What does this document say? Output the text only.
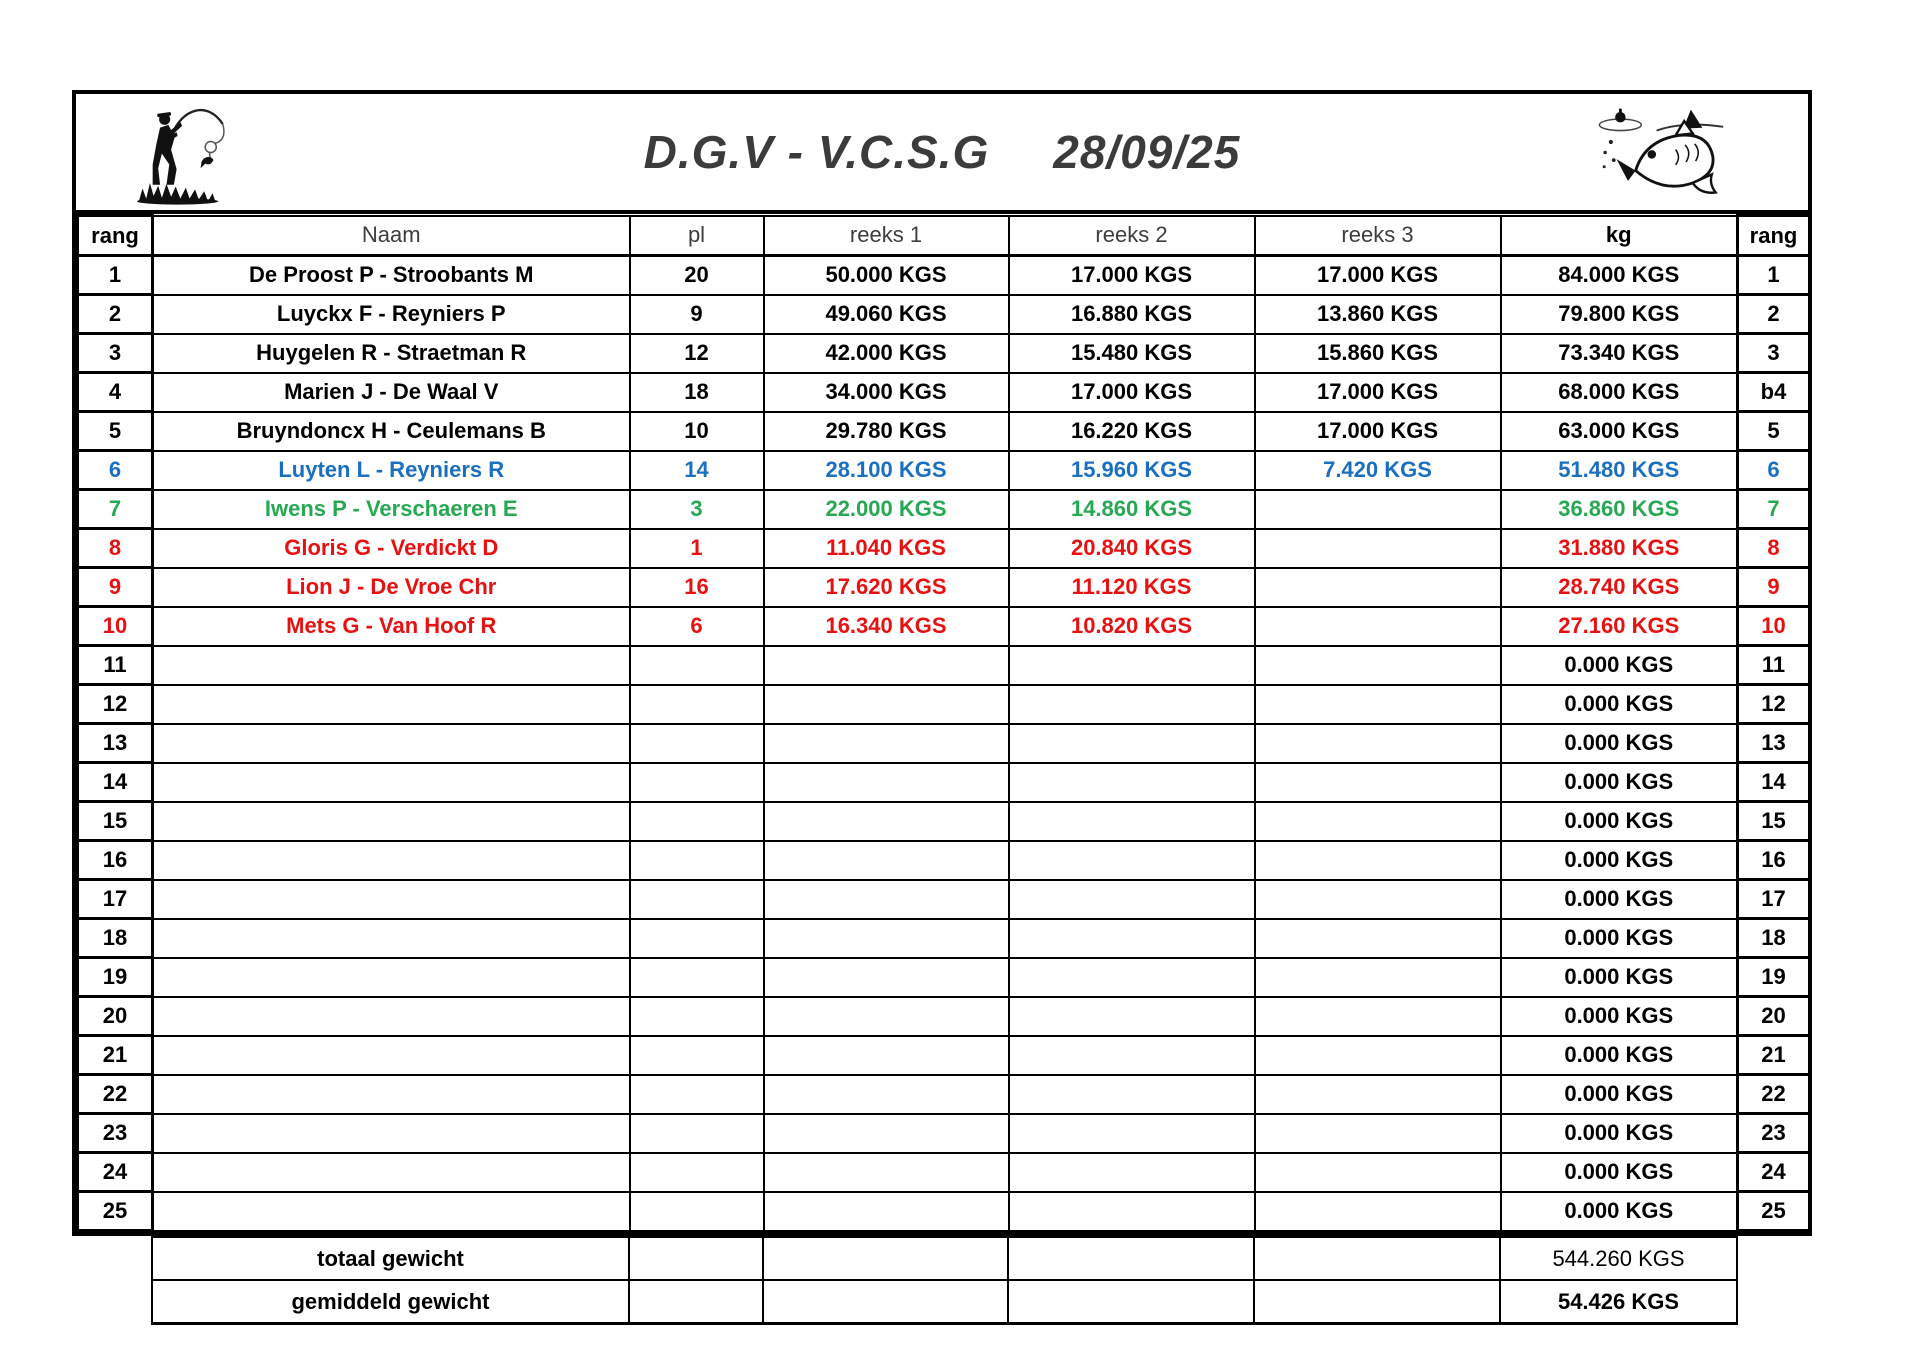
D.G.V - V.C.S.G 28/09/25
rang	Naam	pl	reeks 1	reeks 2	reeks 3	kg	rang
1	De Proost P - Stroobants M	20	50.000 KGS	17.000 KGS	17.000 KGS	84.000 KGS	1
2	Luyckx F - Reyniers P	9	49.060 KGS	16.880 KGS	13.860 KGS	79.800 KGS	2
3	Huygelen R - Straetman R	12	42.000 KGS	15.480 KGS	15.860 KGS	73.340 KGS	3
4	Marien J - De Waal V	18	34.000 KGS	17.000 KGS	17.000 KGS	68.000 KGS	b4
5	Bruyndoncx H - Ceulemans B	10	29.780 KGS	16.220 KGS	17.000 KGS	63.000 KGS	5
6	Luyten L - Reyniers R	14	28.100 KGS	15.960 KGS	7.420 KGS	51.480 KGS	6
7	Iwens P - Verschaeren E	3	22.000 KGS	14.860 KGS		36.860 KGS	7
8	Gloris G - Verdickt D	1	11.040 KGS	20.840 KGS		31.880 KGS	8
9	Lion J - De Vroe Chr	16	17.620 KGS	11.120 KGS		28.740 KGS	9
10	Mets G - Van Hoof R	6	16.340 KGS	10.820 KGS		27.160 KGS	10
11						0.000 KGS	11
12						0.000 KGS	12
13						0.000 KGS	13
14						0.000 KGS	14
15						0.000 KGS	15
16						0.000 KGS	16
17						0.000 KGS	17
18						0.000 KGS	18
19						0.000 KGS	19
20						0.000 KGS	20
21						0.000 KGS	21
22						0.000 KGS	22
23						0.000 KGS	23
24						0.000 KGS	24
25						0.000 KGS	25
totaal gewicht					544.260 KGS
gemiddeld gewicht					54.426 KGS
